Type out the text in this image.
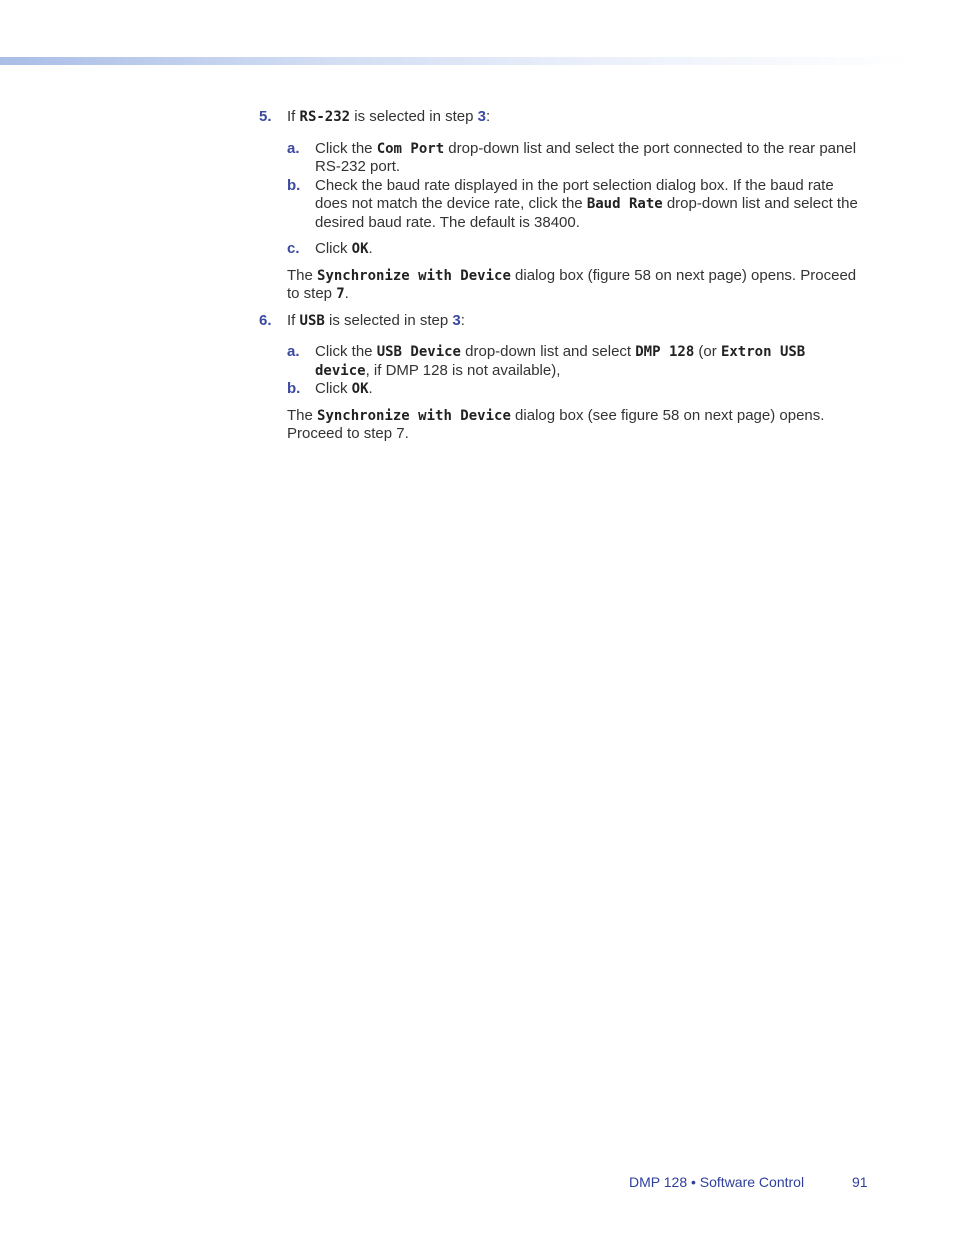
5. If RS-232 is selected in step 3:

a. Click the Com Port drop-down list and select the port connected to the rear panel RS-232 port.

b. Check the baud rate displayed in the port selection dialog box. If the baud rate does not match the device rate, click the Baud Rate drop-down list and select the desired baud rate. The default is 38400.

c. Click OK.

The Synchronize with Device dialog box (figure 58 on next page) opens. Proceed to step 7.

6. If USB is selected in step 3:

a. Click the USB Device drop-down list and select DMP 128 (or Extron USB device, if DMP 128 is not available),

b. Click OK.

The Synchronize with Device dialog box (see figure 58 on next page) opens. Proceed to step 7.

DMP 128 • Software Control	91
